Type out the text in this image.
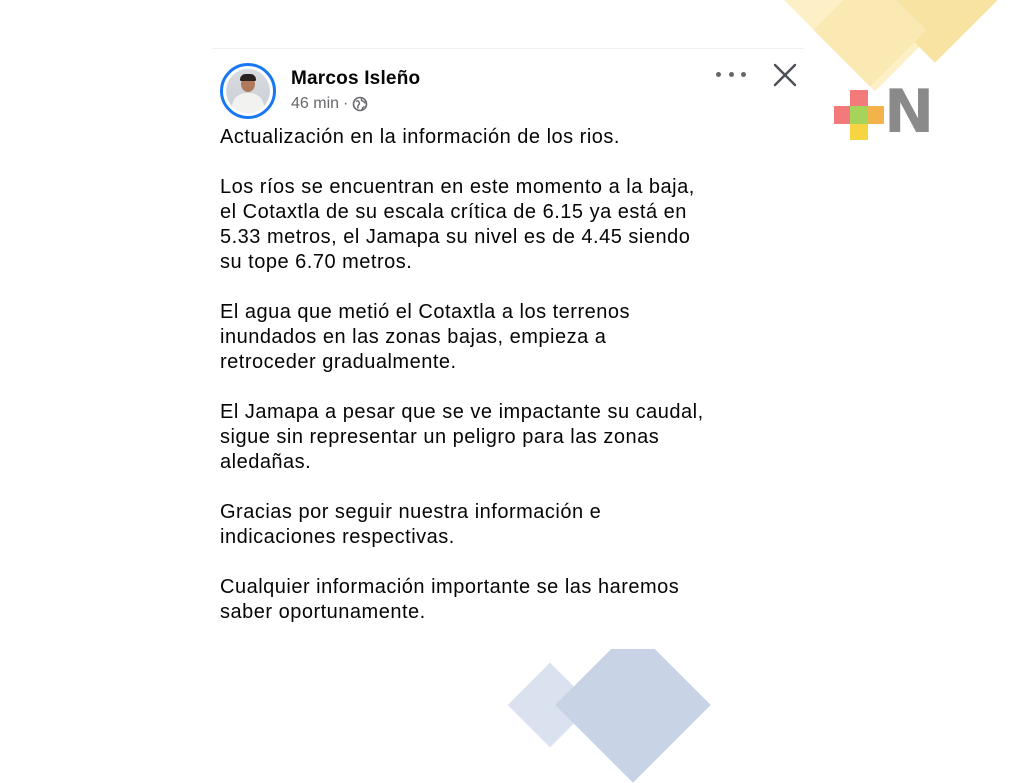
N
Marcos Isleño
46 min ·

Actualización en la información de los rios.

Los ríos se encuentran en este momento a la baja,
el Cotaxtla de su escala crítica de 6.15 ya está en
5.33 metros, el Jamapa su nivel es de 4.45 siendo
su tope 6.70 metros.

El agua que metió el Cotaxtla a los terrenos
inundados en las zonas bajas, empieza a
retroceder gradualmente.

El Jamapa a pesar que se ve impactante su caudal,
sigue sin representar un peligro para las zonas
aledañas.

Gracias por seguir nuestra información e
indicaciones respectivas.

Cualquier información importante se las haremos
saber oportunamente.
